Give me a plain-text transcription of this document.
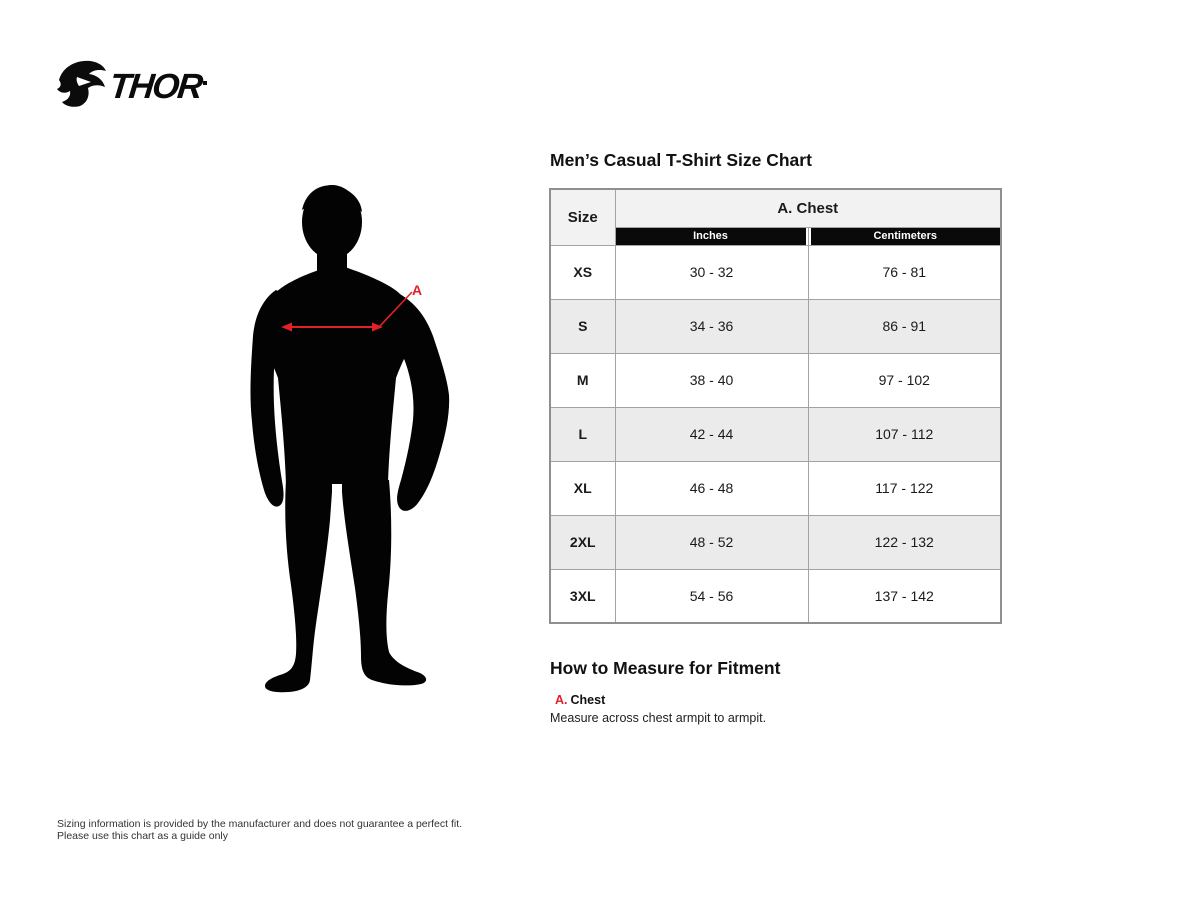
THOR
A
Men’s Casual T-Shirt Size Chart
Size	A. Chest	

	Inches	Centimeters

XS	30 - 32	76 - 81
S	34 - 36	86 - 91
M	38 - 40	97 - 102
L	42 - 44	107 - 112
XL	46 - 48	117 - 122
2XL	48 - 52	122 - 132
3XL	54 - 56	137 - 142
How to Measure for Fitment
A. Chest
Measure across chest armpit to armpit.
Sizing information is provided by the manufacturer and does not guarantee a perfect fit.
Please use this chart as a guide only
